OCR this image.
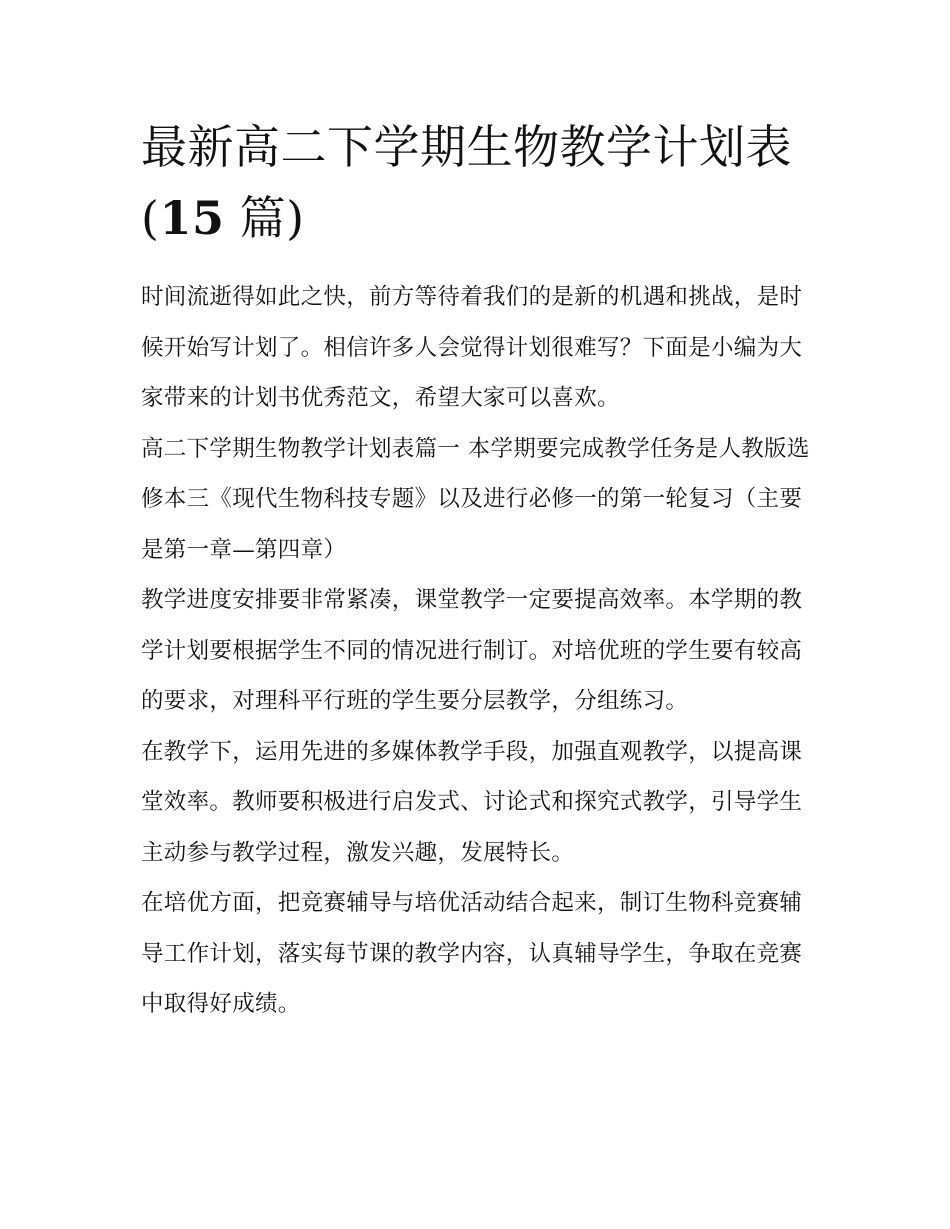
最新高二下学期生物教学计划表(15 篇)

时间流逝得如此之快，前方等待着我们的是新的机遇和挑战，是时候开始写计划了。相信许多人会觉得计划很难写？下面是小编为大家带来的计划书优秀范文，希望大家可以喜欢。

高二下学期生物教学计划表篇一 本学期要完成教学任务是人教版选修本三《现代生物科技专题》以及进行必修一的第一轮复习（主要是第一章—第四章）

教学进度安排要非常紧凑，课堂教学一定要提高效率。本学期的教学计划要根据学生不同的情况进行制订。对培优班的学生要有较高的要求，对理科平行班的学生要分层教学，分组练习。

在教学下，运用先进的多媒体教学手段，加强直观教学，以提高课堂效率。教师要积极进行启发式、讨论式和探究式教学，引导学生主动参与教学过程，激发兴趣，发展特长。

在培优方面，把竞赛辅导与培优活动结合起来，制订生物科竞赛辅导工作计划，落实每节课的教学内容，认真辅导学生，争取在竞赛中取得好成绩。
